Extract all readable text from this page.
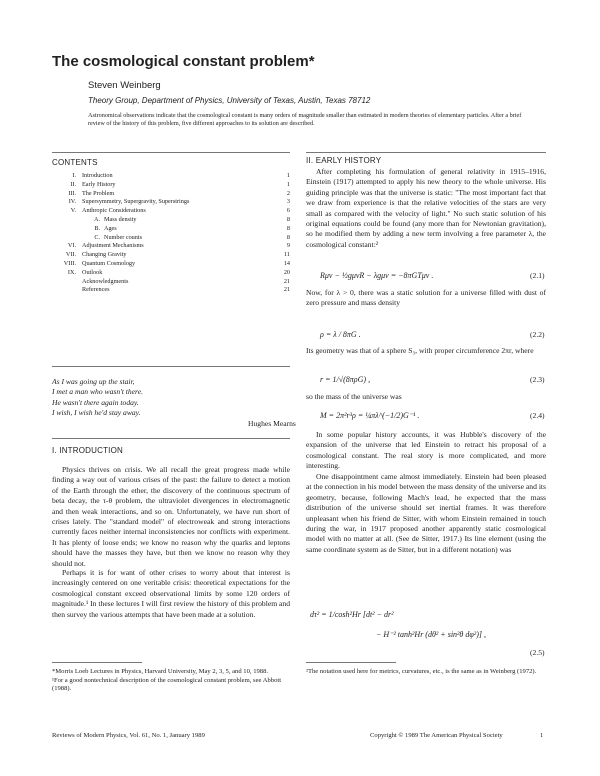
The cosmological constant problem*
Steven Weinberg
Theory Group, Department of Physics, University of Texas, Austin, Texas 78712
Astronomical observations indicate that the cosmological constant is many orders of magnitude smaller than estimated in modern theories of elementary particles. After a brief review of the history of this problem, five different approaches to its solution are described.
CONTENTS
I. Introduction	1
II. Early History	1
III. The Problem	2
IV. Supersymmetry, Supergravity, Superstrings	3
V. Anthropic Considerations	6
A. Mass density	8
B. Ages	8
C. Number counts	8
VI. Adjustment Mechanisms	9
VII. Changing Gravity	11
VIII. Quantum Cosmology	14
IX. Outlook	20
Acknowledgments	21
References	21
As I was going up the stair,
I met a man who wasn't there.
He wasn't there again today.
I wish, I wish he'd stay away.
Hughes Mearns
I. INTRODUCTION
Physics thrives on crisis. We all recall the great progress made while finding a way out of various crises of the past: the failure to detect a motion of the Earth through the ether, the discovery of the continuous spectrum of beta decay, the τ-θ problem, the ultraviolet divergences in electromagnetic and then weak interactions, and so on. Unfortunately, we have run short of crises lately. The "standard model" of electroweak and strong interactions currently faces neither internal inconsistencies nor conflicts with experiment. It has plenty of loose ends; we know no reason why the quarks and leptons should have the masses they have, but then we know no reason why they should not.
Perhaps it is for want of other crises to worry about that interest is increasingly centered on one veritable crisis: theoretical expectations for the cosmological constant exceed observational limits by some 120 orders of magnitude.¹ In these lectures I will first review the history of this problem and then survey the various attempts that have been made at a solution.
*Morris Loeb Lectures in Physics, Harvard University, May 2, 3, 5, and 10, 1988.
¹For a good nontechnical description of the cosmological constant problem, see Abbott (1988).
II. EARLY HISTORY
After completing his formulation of general relativity in 1915–1916, Einstein (1917) attempted to apply his new theory to the whole universe. His guiding principle was that the universe is static: "The most important fact that we draw from experience is that the relative velocities of the stars are very small as compared with the velocity of light." No such static solution of his original equations could be found (any more than for Newtonian gravitation), so he modified them by adding a new term involving a free parameter λ, the cosmological constant:²
Rμν − ½gμνR − λgμν = −8πGTμν .	(2.1)
Now, for λ > 0, there was a static solution for a universe filled with dust of zero pressure and mass density
ρ = λ / 8πG .	(2.2)
Its geometry was that of a sphere S₃, with proper circumference 2πr, where
r = 1/√(8πρG) ,	(2.3)
so the mass of the universe was
M = 2π²r³ρ = ¼πλ^(−1/2)G⁻¹ .	(2.4)
In some popular history accounts, it was Hubble's discovery of the expansion of the universe that led Einstein to retract his proposal of a cosmological constant. The real story is more complicated, and more interesting.
One disappointment came almost immediately. Einstein had been pleased at the connection in his model between the mass density of the universe and its geometry, because, following Mach's lead, he expected that the mass distribution of the universe should set inertial frames. It was therefore unpleasant when his friend de Sitter, with whom Einstein remained in touch during the war, in 1917 proposed another apparently static cosmological model with no matter at all. (See de Sitter, 1917.) Its line element (using the same coordinate system as de Sitter, but in a different notation) was
dτ² = 1/cosh²Hr [dt² − dr²
− H⁻² tanh²Hr (dθ² + sin²θ dφ²)] ,
(2.5)
²The notation used here for metrics, curvatures, etc., is the same as in Weinberg (1972).
Reviews of Modern Physics, Vol. 61, No. 1, January 1989	Copyright © 1989 The American Physical Society	1
